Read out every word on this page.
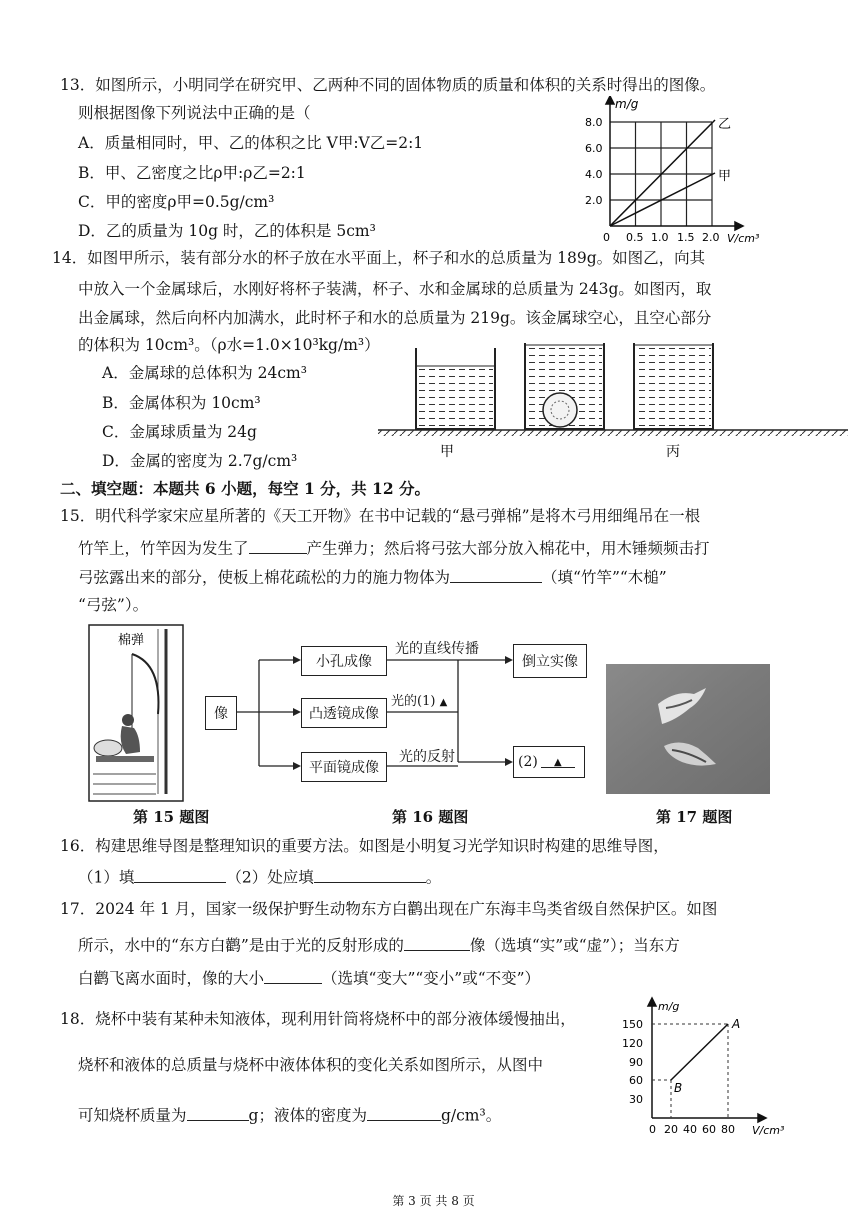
13．如图所示，小明同学在研究甲、乙两种不同的固体物质的质量和体积的关系时得出的图像。
则根据图像下列说法中正确的是（
A．质量相同时，甲、乙的体积之比 V甲:V乙=2:1
B．甲、乙密度之比ρ甲:ρ乙=2:1
C．甲的密度ρ甲=0.5g/cm³
D．乙的质量为 10g 时，乙的体积是 5cm³
m/g
V/cm³
乙
甲
8.0
6.0
4.0
2.0
0 0.5 1.0 1.5 2.0
14．如图甲所示，装有部分水的杯子放在水平面上，杯子和水的总质量为 189g。如图乙，向其
中放入一个金属球后，水刚好将杯子装满，杯子、水和金属球的总质量为 243g。如图丙，取
出金属球，然后向杯内加满水，此时杯子和水的总质量为 219g。该金属球空心，且空心部分
的体积为 10cm³。（ρ水=1.0×10³kg/m³）
A．金属球的总体积为 24cm³
B．金属体积为 10cm³
C．金属球质量为 24g
D．金属的密度为 2.7g/cm³	甲	丙
二、填空题：本题共 6 小题，每空 1 分，共 12 分。
15．明代科学家宋应星所著的《天工开物》在书中记载的“悬弓弹棉”是将木弓用细绳吊在一根
竹竿上，竹竿因为发生了	产生弹力；然后将弓弦大部分放入棉花中，用木锤频频击打
弓弦露出来的部分，使板上棉花疏松的力的施力物体为	（填“竹竿”“木槌”
“弓弦”）。
棉弹
像
小孔成像
凸透镜成像
平面镜成像
光的直线传播
光的(1) ▲
光的反射
倒立实像
(2)	▲
第 15 题图	第 16 题图	第 17 题图
16．构建思维导图是整理知识的重要方法。如图是小明复习光学知识时构建的思维导图，
（1）填	（2）处应填	。
17．2024 年 1 月，国家一级保护野生动物东方白鹳出现在广东海丰鸟类省级自然保护区。如图
所示，水中的“东方白鹳”是由于光的反射形成的	像（选填“实”或“虚”）；当东方
白鹳飞离水面时，像的大小	（选填“变大”“变小”或“不变”）
18．烧杯中装有某种未知液体，现利用针筒将烧杯中的部分液体缓慢抽出，
烧杯和液体的总质量与烧杯中液体体积的变化关系如图所示，从图中
可知烧杯质量为	g；液体的密度为	g/cm³。
m/g
V/cm³
A
B
150
120
90
60
30
0 20 40 60 80
第 3 页 共 8 页
